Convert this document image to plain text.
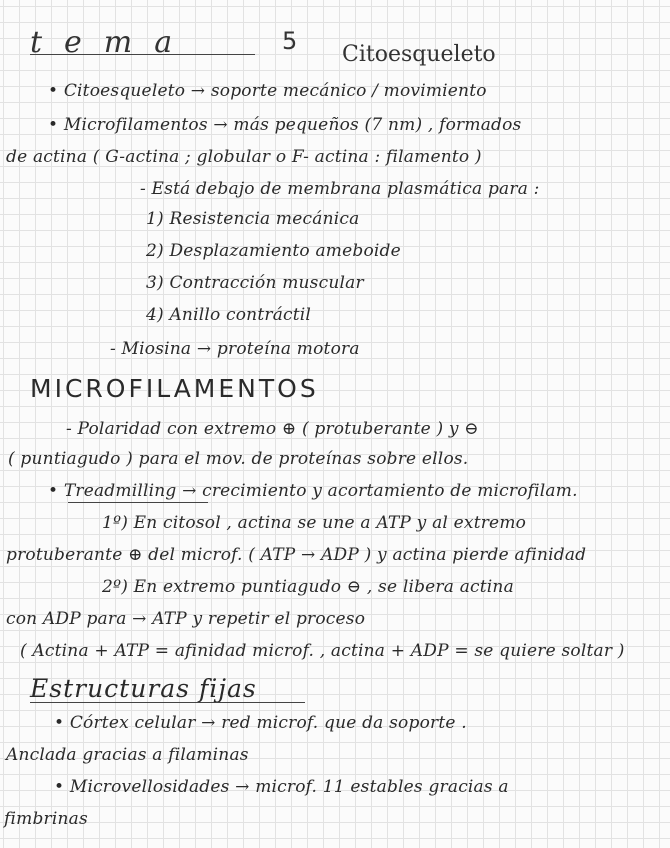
tema	5 Citoesqueleto
• Citoesqueleto → soporte mecánico / movimiento
• Microfilamentos → más pequeños (7 nm) , formados
de actina ( G-actina ; globular o F- actina : filamento )
- Está debajo de membrana plasmática para :
1) Resistencia mecánica
2) Desplazamiento ameboide
3) Contracción muscular
4) Anillo contráctil
- Miosina → proteína motora
MICROFILAMENTOS
- Polaridad con extremo ⊕ ( protuberante ) y ⊖
( puntiagudo ) para el mov. de proteínas sobre ellos.
• Treadmilling → crecimiento y acortamiento de microfilam.
1º) En citosol , actina se une a ATP y al extremo
protuberante ⊕ del microf. ( ATP → ADP ) y actina pierde afinidad
2º) En extremo puntiagudo ⊖ , se libera actina
con ADP para → ATP y repetir el proceso
( Actina + ATP = afinidad microf. , actina + ADP = se quiere soltar )
Estructuras fijas
• Córtex celular → red microf. que da soporte .
Anclada gracias a filaminas
• Microvellosidades → microf. 11 estables gracias a
fimbrinas
